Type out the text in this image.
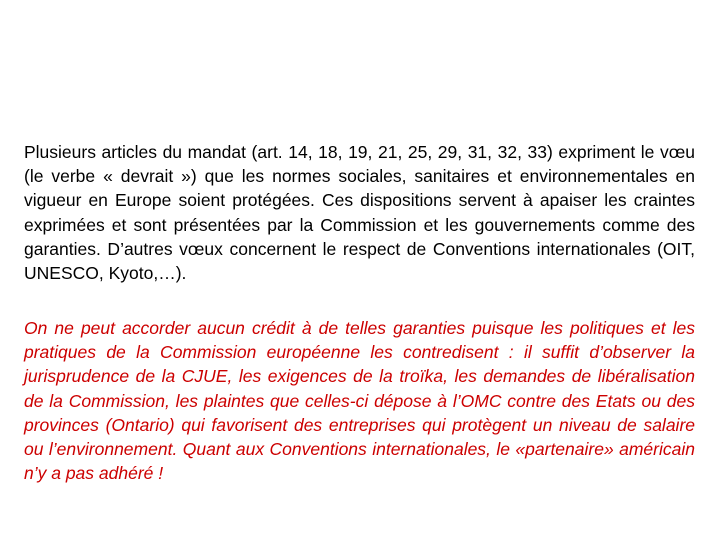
Plusieurs articles du mandat (art. 14, 18, 19, 21, 25, 29, 31, 32, 33) expriment le vœu (le verbe « devrait ») que les normes sociales, sanitaires et environnementales en vigueur en Europe soient protégées. Ces dispositions servent à apaiser les craintes exprimées et sont présentées par la Commission et les gouvernements comme des garanties. D’autres vœux concernent le respect de Conventions internationales (OIT, UNESCO, Kyoto,…).

On ne peut accorder aucun crédit à de telles garanties puisque les politiques et les pratiques de la Commission européenne les contredisent : il suffit d’observer la jurisprudence de la CJUE, les exigences de la troïka, les demandes de libéralisation de la Commission, les plaintes que celles-ci dépose à l’OMC contre des Etats ou des provinces (Ontario) qui favorisent des entreprises qui protègent un niveau de salaire ou l’environnement. Quant aux Conventions internationales, le «partenaire» américain n’y a pas adhéré !
